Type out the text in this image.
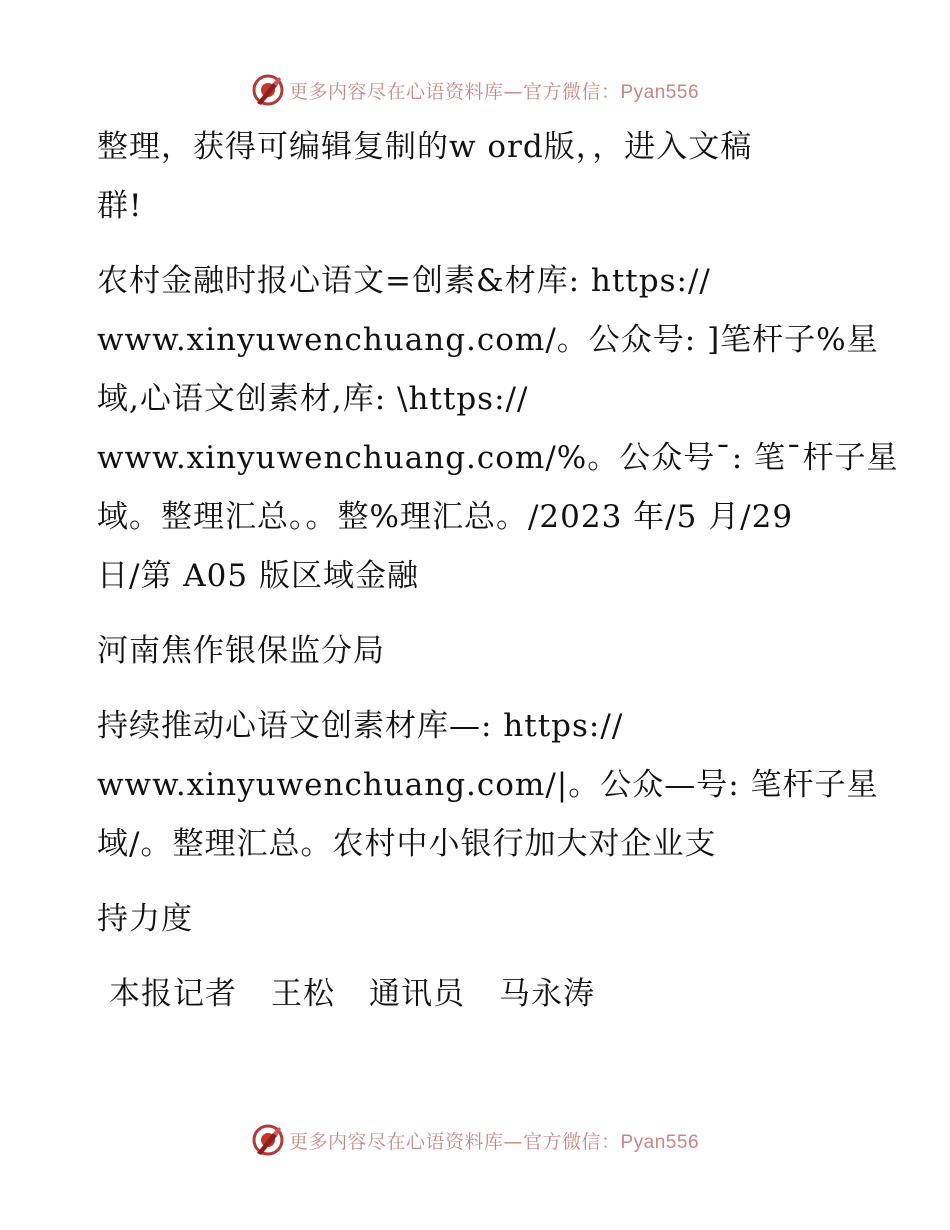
更多内容尽在心语资料库—官方微信：Pyan556

整理，获得可编辑复制的w ord版，，进入文稿
群!

农村金融时报心语文=创素&材库: https://
www.xinyuwenchuang.com/。公众号: ]笔杆子%星
域,心语文创素材,库: \https://
www.xinyuwenchuang.com/%。公众号¯: 笔¯杆子星
域。整理汇总。。整%理汇总。/2023 年/5 月/29
日/第 A05 版区域金融

河南焦作银保监分局

持续推动心语文创素材库—: https://
www.xinyuwenchuang.com/|。公众—号: 笔杆子星
域/。整理汇总。农村中小银行加大对企业支

持力度

本报记者 王松 通讯员 马永涛

更多内容尽在心语资料库—官方微信：Pyan556
